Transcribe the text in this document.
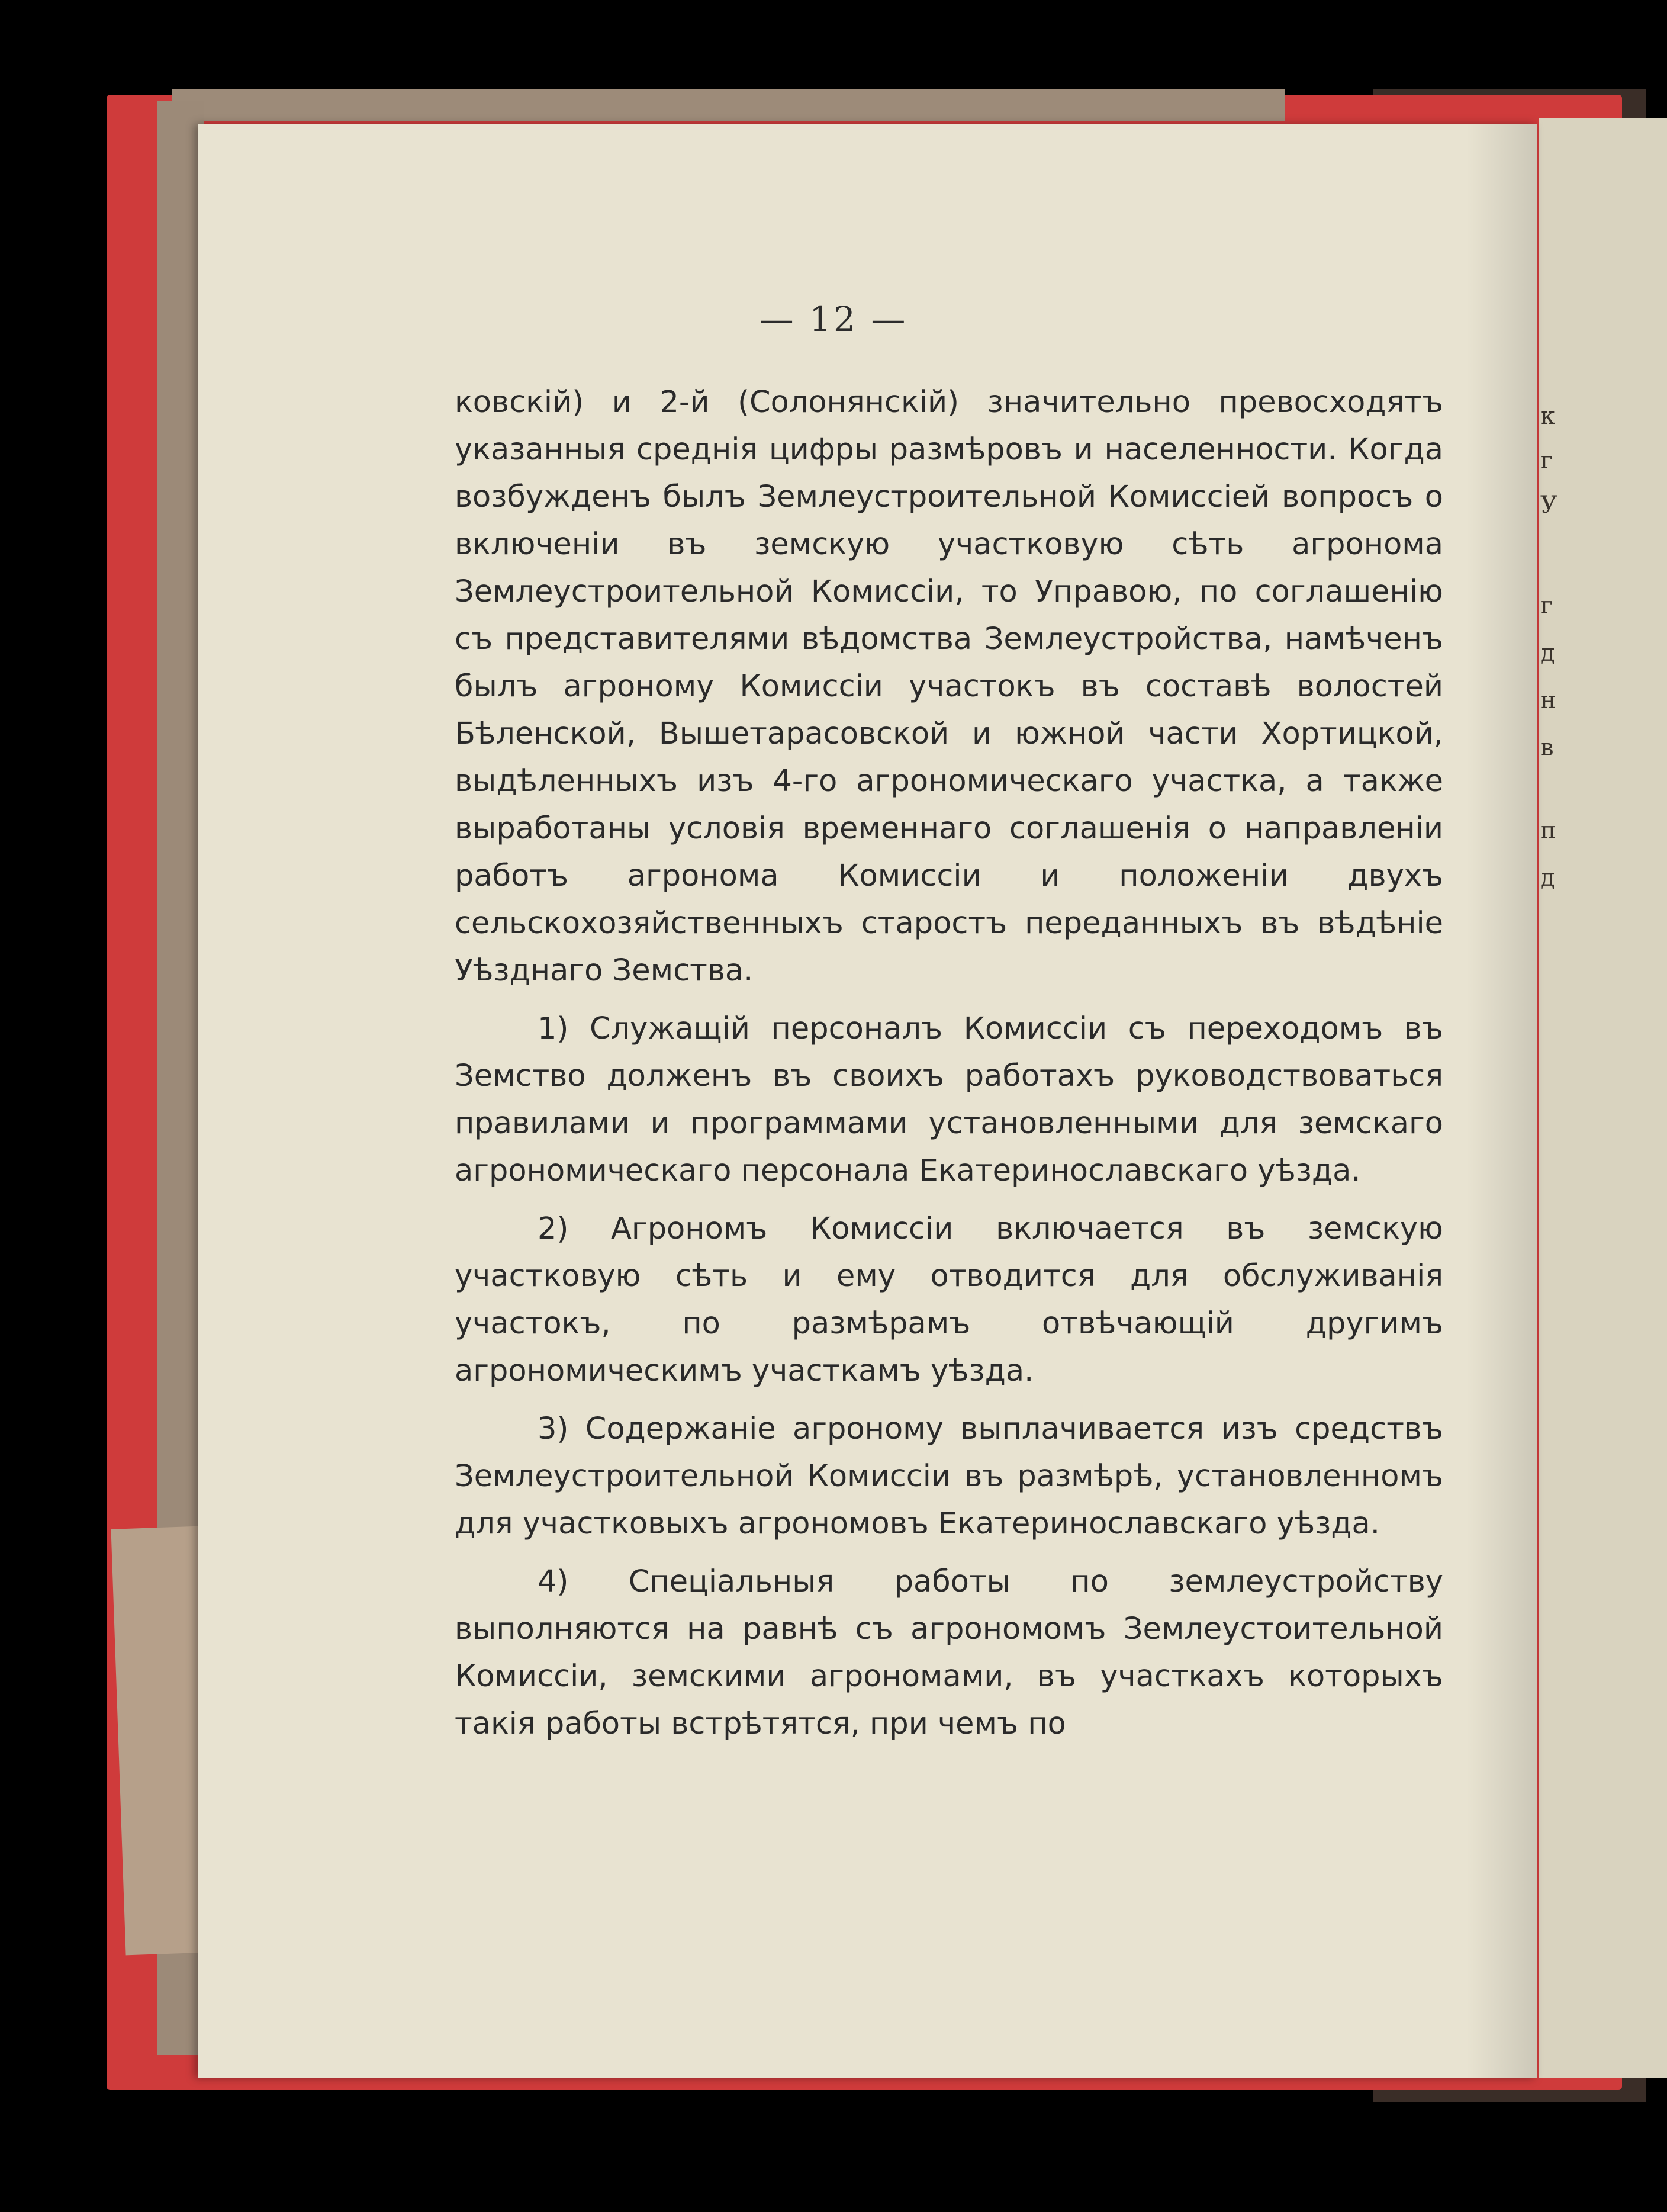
к
г
У
г
д
н
в
п
д
— 12 —

ковскій) и 2-й (Солонянскій) значительно превосходятъ указанныя среднія цифры размѣровъ и населенности. Когда возбужденъ былъ Землеустроительной Комиссіей вопросъ о включеніи въ земскую участковую сѣть агронома Землеустроительной Комиссіи, то Управою, по соглашенію съ представителями вѣдомства Землеустройства, намѣченъ былъ агроному Комиссіи участокъ въ составѣ волостей Бѣленской, Вышетарасовской и южной части Хортицкой, выдѣленныхъ изъ 4-го агрономическаго участка, а также выработаны условія временнаго соглашенія о направленіи работъ агронома Комиссіи и положеніи двухъ сельскохозяйственныхъ старостъ переданныхъ въ вѣдѣніе Уѣзднаго Земства.

1) Служащій персоналъ Комиссіи съ переходомъ въ Земство долженъ въ своихъ работахъ руководствоваться правилами и программами установленными для земскаго агрономическаго персонала Екатеринославскаго уѣзда.

2) Агрономъ Комиссіи включается въ земскую участковую сѣть и ему отводится для обслуживанія участокъ, по размѣрамъ отвѣчающій другимъ агрономическимъ участкамъ уѣзда.

3) Содержаніе агроному выплачивается изъ средствъ Землеустроительной Комиссіи въ размѣрѣ, установленномъ для участковыхъ агрономовъ Екатеринославскаго уѣзда.

4) Спеціальныя работы по землеустройству выполняются на равнѣ съ агрономомъ Землеустоительной Комиссіи, земскими агрономами, въ участкахъ которыхъ такія работы встрѣтятся, при чемъ по
